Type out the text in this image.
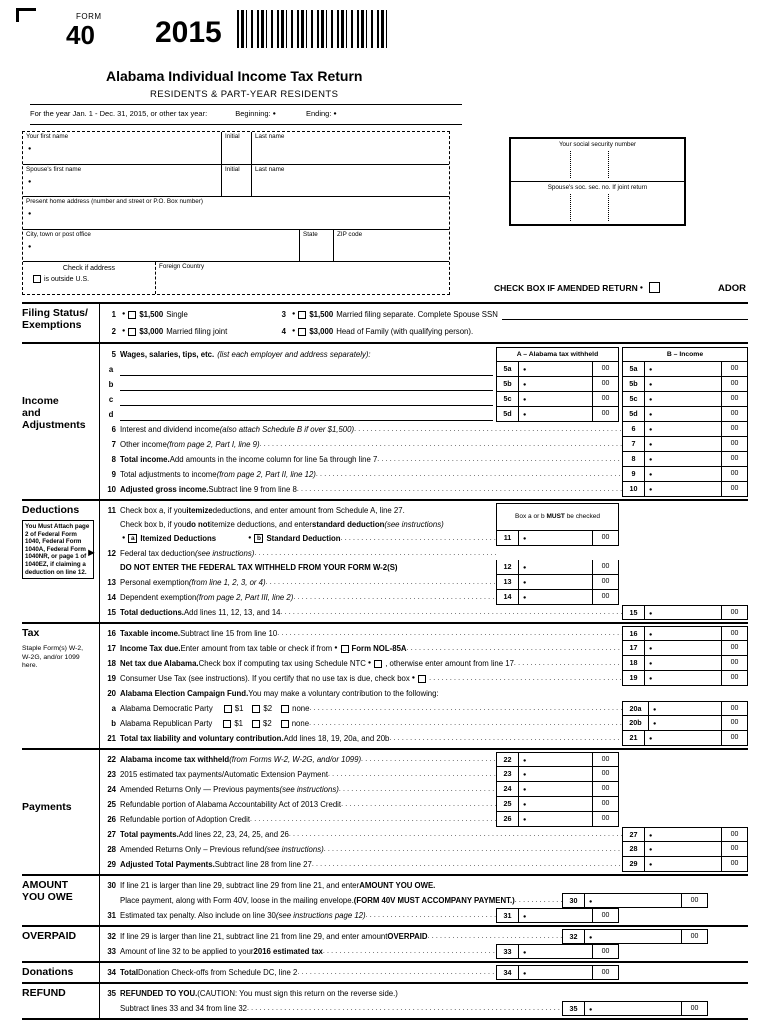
FORM
40 2015
Alabama Individual Income Tax Return
RESIDENTS & PART-YEAR RESIDENTS
For the year Jan. 1 - Dec. 31, 2015, or other tax year:	Beginning: ●	Ending: ●
Your first name
●
Initial	Last name
Spouse's first name
●
Initial	Last name
Present home address (number and street or P.O. Box number)
●
City, town or post office
●
State	ZIP code
Check if address
is outside U.S.
Foreign Country
Your social security number
Spouse's soc. sec. no. If joint return
CHECK BOX IF AMENDED RETURN ●	ADOR
Filing Status/
Exemptions
1	● $1,500 Single	3	● $1,500 Married filing separate. Complete Spouse SSN
2	● $3,000 Married filing joint	4	● $3,000 Head of Family (with qualifying person).
Income
and
Adjustments
5 Wages, salaries, tips, etc. (list each employer and address separately):	A – Alabama tax withheld	B – Income
a	5a	●	00	5a	●	00
b	5b	●	00	5b	●	00
c	5c	●	00	5c	●	00
d	5d	●	00	5d	●	00
6 Interest and dividend income (also attach Schedule B if over $1,500) .....	6	●	00
7 Other income (from page 2, Part I, line 9) .....	7	●	00
8 Total income. Add amounts in the income column for line 5a through line 7 .....	8	●	00
9 Total adjustments to income (from page 2, Part II, line 12) .....	9	●	00
10 Adjusted gross income. Subtract line 9 from line 8 .....	10	●	00
►
Deductions
You Must Attach page 2 of Federal Form 1040, Federal Form 1040A, Federal Form 1040NR, or page 1 of 1040EZ, if claiming a deduction on line 12.
Box a or b MUST be checked
11 Check box a, if you itemize deductions, and enter amount from Schedule A, line 27.
Check box b, if you do not itemize deductions, and enter standard deduction (see instructions)
● a Itemized Deductions	● b Standard Deduction .....	11	●	00
12 Federal tax deduction (see instructions)
.....
DO NOT ENTER THE FEDERAL TAX WITHHELD FROM YOUR FORM W-2(S)	12	●	00
13 Personal exemption (from line 1, 2, 3, or 4) .....	13	●	00
14 Dependent exemption (from page 2, Part III, line 2) .....	14	●	00
15 Total deductions. Add lines 11, 12, 13, and 14 .....	15	●	00
Tax
Staple Form(s) W-2, W-2G, and/or 1099 here.
16 Taxable income. Subtract line 15 from line 10 .....	16	●	00
17 Income Tax due. Enter amount from tax table or check if from ● Form NOL-85A .....	17	●	00
18 Net tax due Alabama. Check box if computing tax using Schedule NTC ● , otherwise enter amount from line 17 .....	18	●	00
19 Consumer Use Tax (see instructions). If you certify that no use tax is due, check box ● .....	19	●	00
20 Alabama Election Campaign Fund. You may make a voluntary contribution to the following:
a Alabama Democratic Party	$1	$2	none .....	20a	●	00
b Alabama Republican Party	$1	$2	none .....	20b	●	00
21 Total tax liability and voluntary contribution. Add lines 18, 19, 20a, and 20b .....	21	●	00
Payments
22 Alabama income tax withheld (from Forms W-2, W-2G, and/or 1099) .....	22	●	00
23 2015 estimated tax payments/Automatic Extension Payment .....	23	●	00
24 Amended Returns Only — Previous payments (see instructions) .....	24	●	00
25 Refundable portion of Alabama Accountability Act of 2013 Credit .....	25	●	00
26 Refundable portion of Adoption Credit .....	26	●	00
27 Total payments. Add lines 22, 23, 24, 25, and 26 .....	27	●	00
28 Amended Returns Only – Previous refund (see instructions) .....	28	●	00
29 Adjusted Total Payments. Subtract line 28 from line 27 .....	29	●	00
AMOUNT
YOU OWE
30 If line 21 is larger than line 29, subtract line 29 from line 21, and enter AMOUNT YOU OWE.
Place payment, along with Form 40V, loose in the mailing envelope. (FORM 40V MUST ACCOMPANY PAYMENT.) .....	30	●	00
31 Estimated tax penalty. Also include on line 30 (see instructions page 12) .....	31	●	00
OVERPAID	32 If line 29 is larger than line 21, subtract line 21 from line 29, and enter amount OVERPAID .....	32	●	00
33 Amount of line 32 to be applied to your 2016 estimated tax .....	33	●	00
Donations	34 Total Donation Check-offs from Schedule DC, line 2 .....	34	●	00
REFUND	35 REFUNDED TO YOU. (CAUTION: You must sign this return on the reverse side.)
Subtract lines 33 and 34 from line 32 .....	35	●	00
